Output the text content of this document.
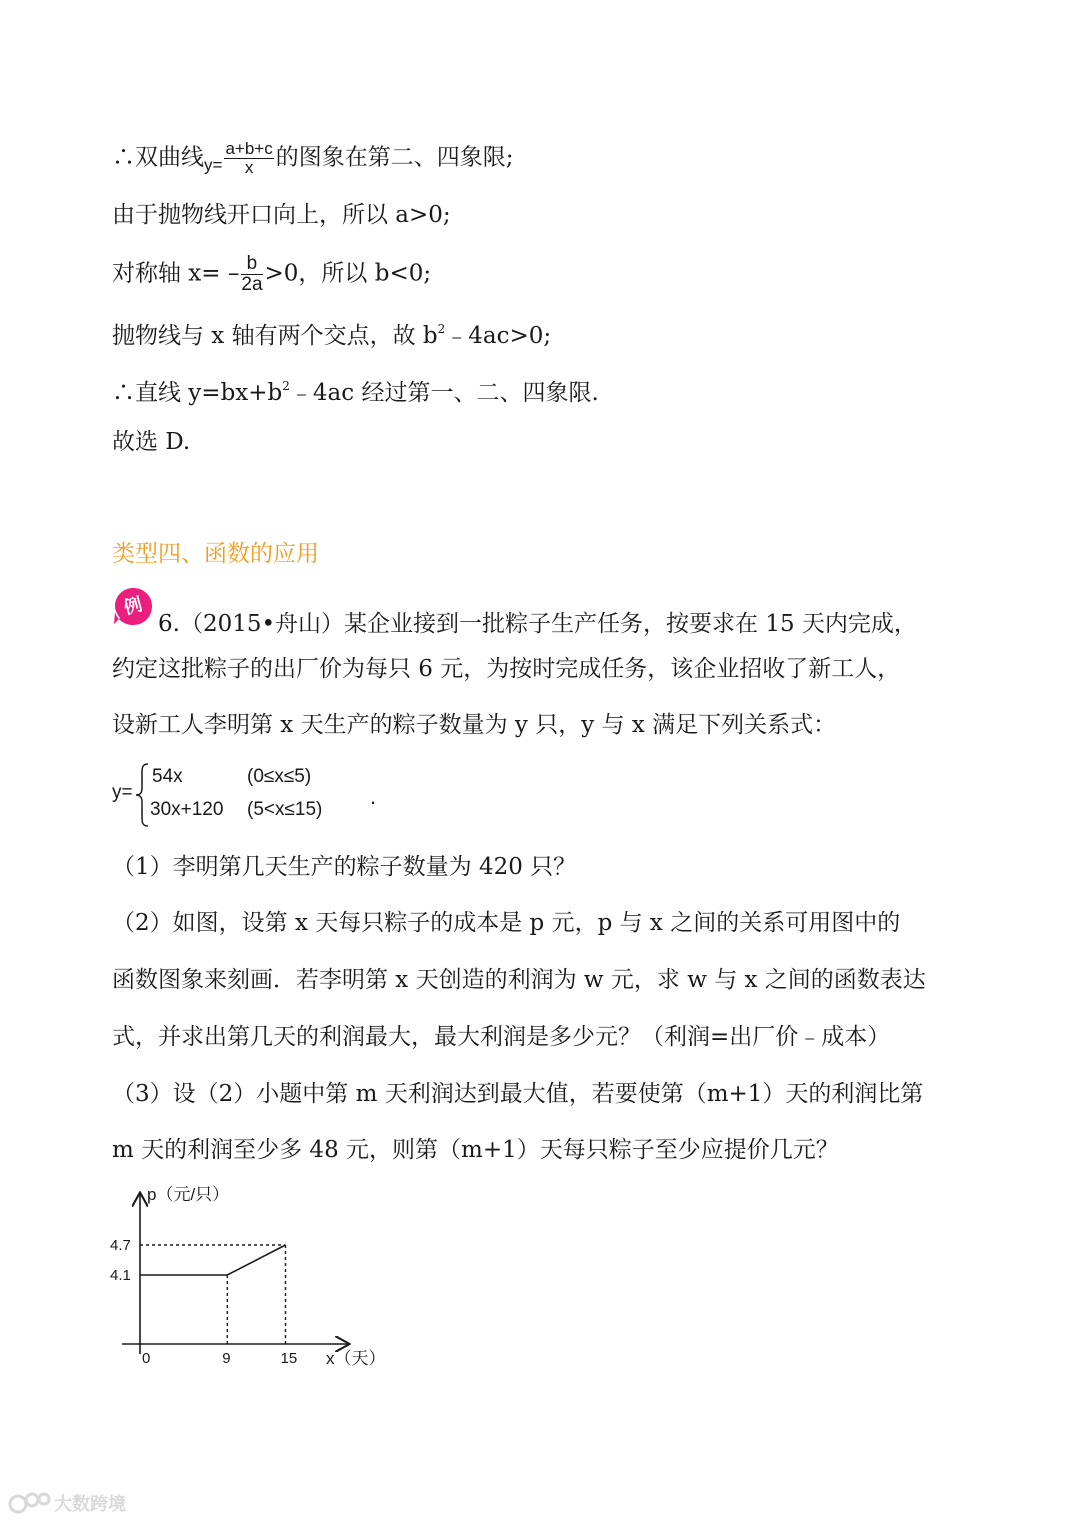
∴双曲线$_{y=} \frac{a+b+c}{x}$ 的图象在第二、四象限;
由于抛物线开口向上，所以 a>0;
对称轴 $x= - \frac{b}{2a} >0$，所以 b<0;
抛物线与 x 轴有两个交点，故 $b^2﹣4ac>0$;
∴直线 $y=bx+b^2﹣4ac$ 经过第一、二、四象限.
故选 D.
类型四、函数的应用
例
6.（2015•舟山）某企业接到一批粽子生产任务，按要求在 15 天内完成，
约定这批粽子的出厂价为每只 6 元，为按时完成任务，该企业招收了新工人，
设新工人李明第 x 天生产的粽子数量为 y 只，y 与 x 满足下列关系式：
y=
54x	(0≤x≤5)
30x+120 (5<x≤15)
.
（1）李明第几天生产的粽子数量为 420 只？
（2）如图，设第 x 天每只粽子的成本是 p 元，p 与 x 之间的关系可用图中的
函数图象来刻画．若李明第 x 天创造的利润为 w 元，求 w 与 x 之间的函数表达
式，并求出第几天的利润最大，最大利润是多少元？（利润=出厂价﹣成本）
（3）设（2）小题中第 m 天利润达到最大值，若要使第（m+1）天的利润比第
m 天的利润至少多 48 元，则第（m+1）天每只粽子至少应提价几元？
p（元/只）
x（天）
0	9	15
4.7
4.1
大数跨境
